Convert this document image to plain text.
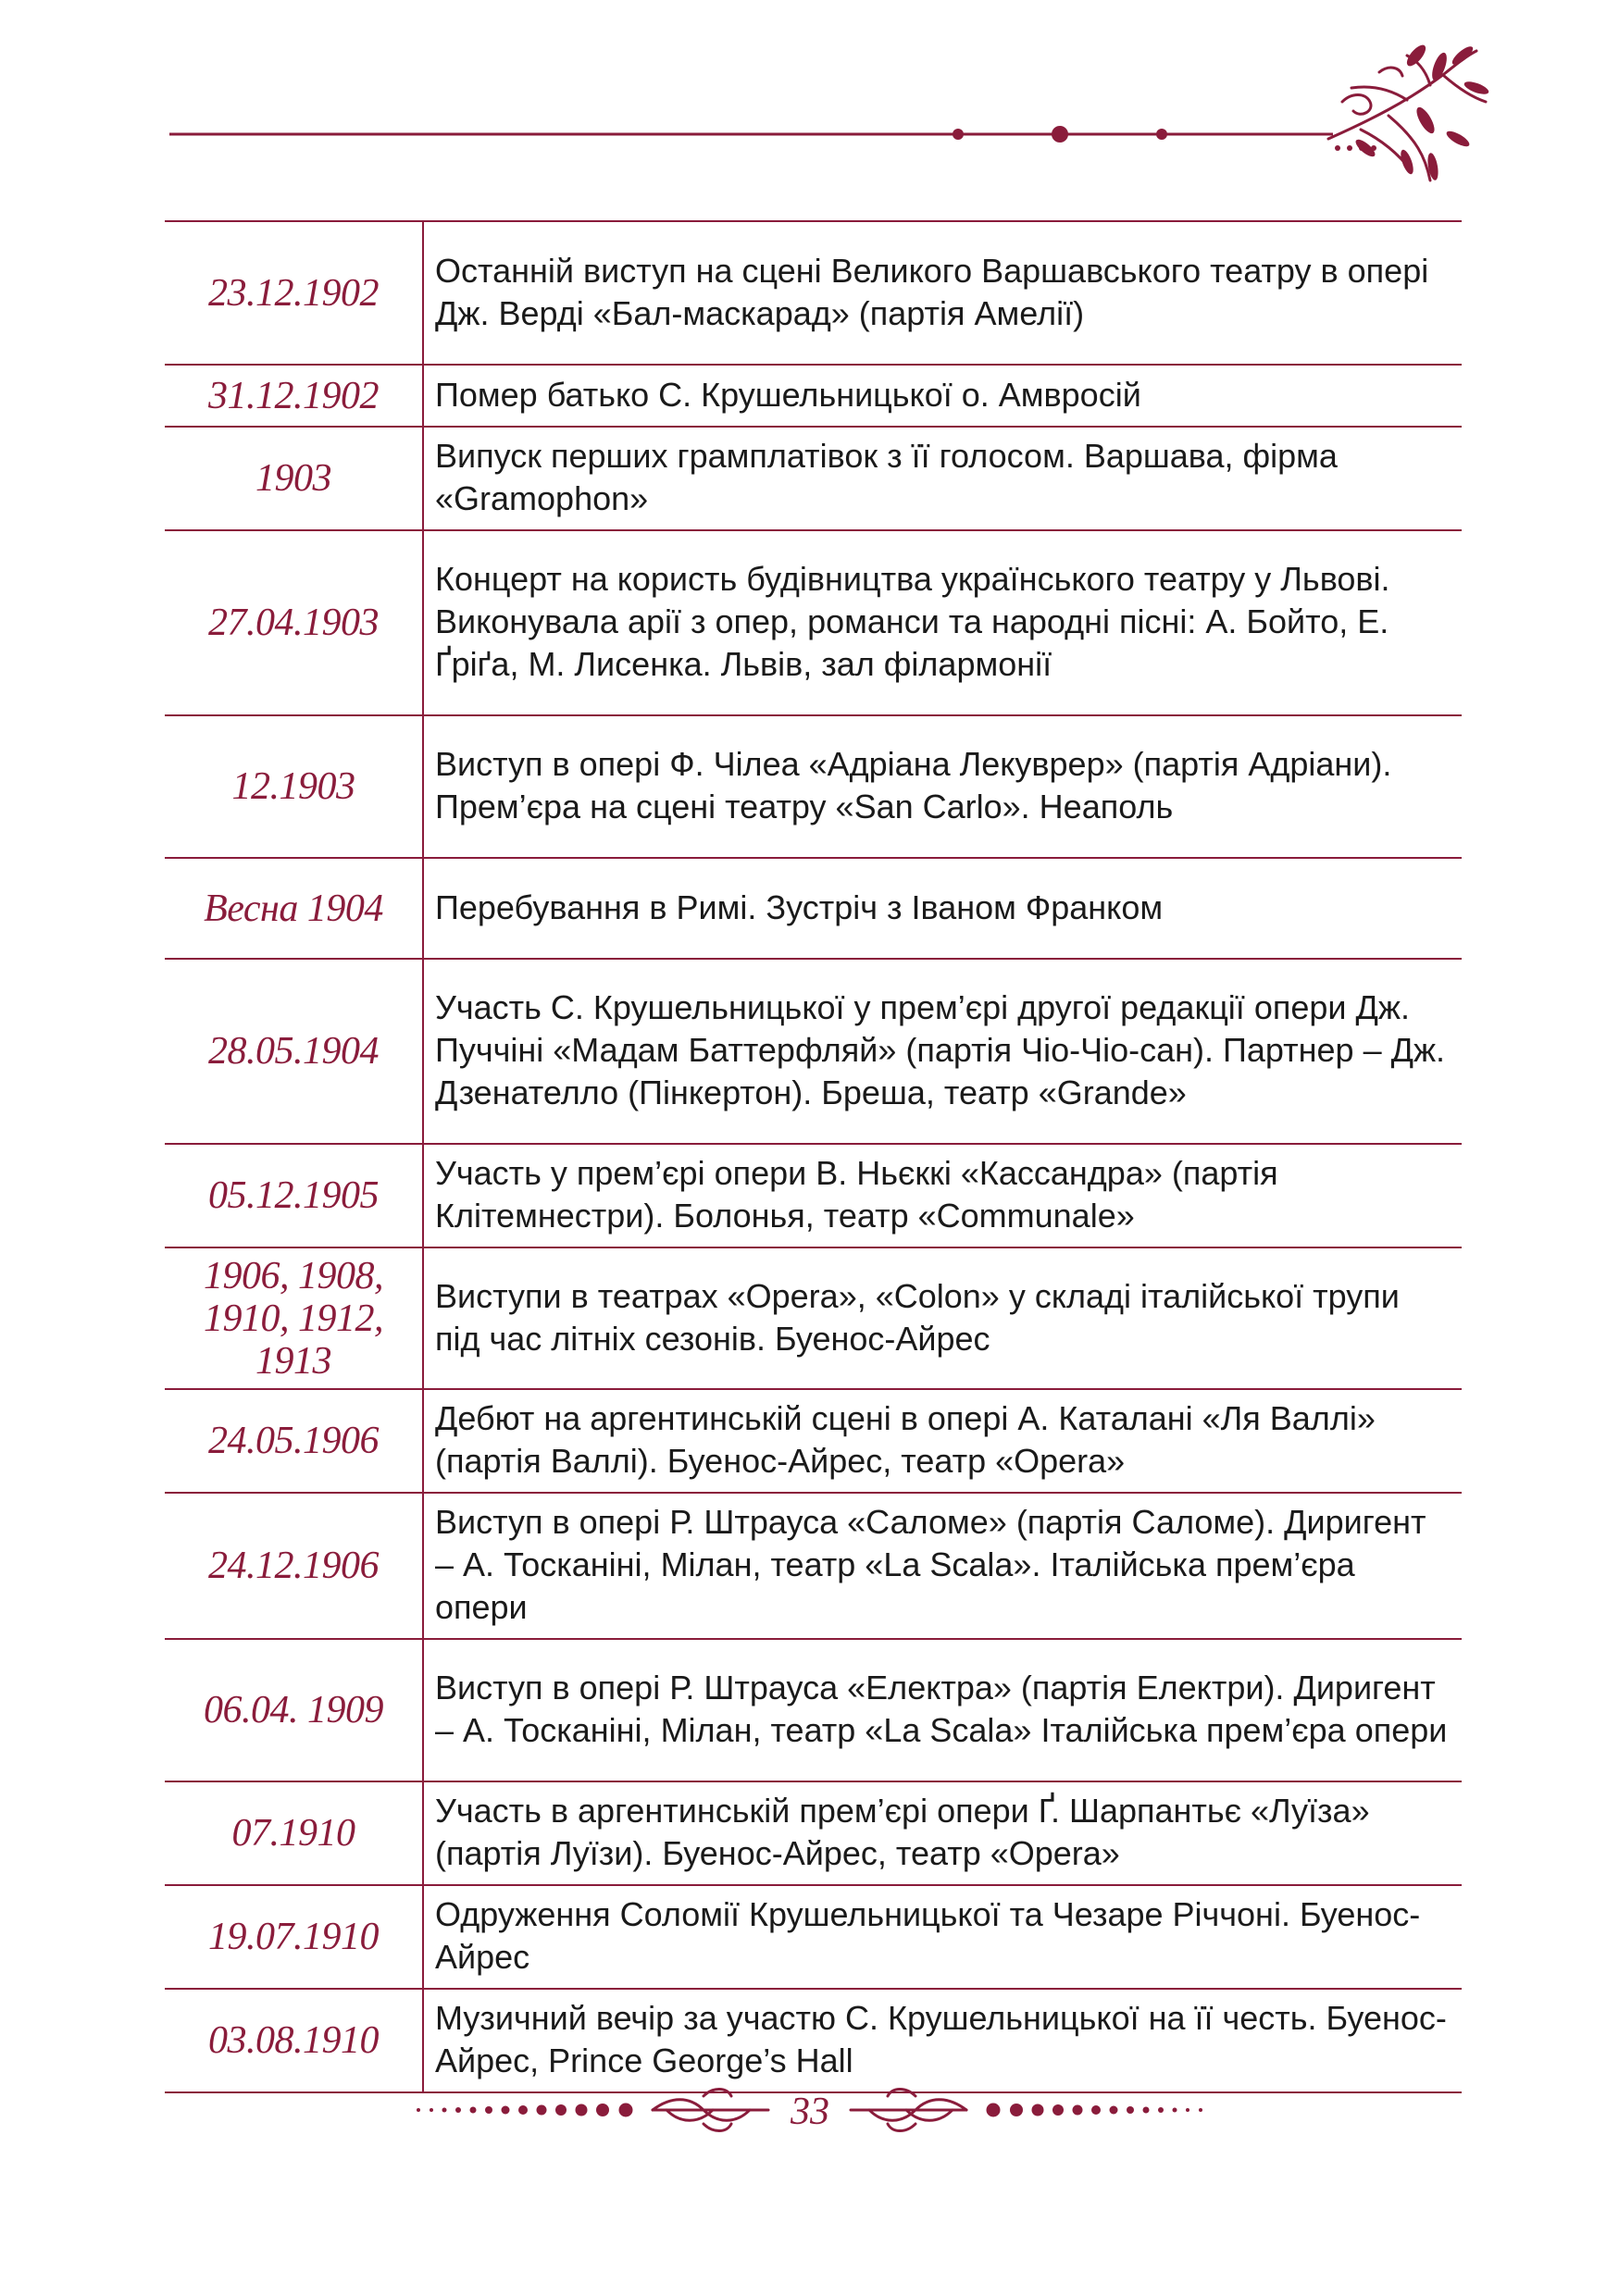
23.12.1902	Останній виступ на сцені Великого Варшавського театру в опері Дж. Верді «Бал-маскарад» (партія Амелії)
31.12.1902	Помер батько С. Крушельницької о. Амвросій
1903	Випуск перших грамплатівок з її голосом. Варшава, фірма «Gramophon»
27.04.1903	Концерт на користь будівництва українського театру у Львові. Виконувала арії з опер, романси та народні пісні: А. Бойто, Е. Ґріґа, М. Лисенка. Львів, зал філармонії
12.1903	Виступ в опері Ф. Чілеа «Адріана Лекуврер» (партія Адріани). Прем’єра на сцені театру «San Carlo». Неаполь
Весна 1904	Перебування в Римі. Зустріч з Іваном Франком
28.05.1904	Участь С. Крушельницької у прем’єрі другої редакції опери Дж. Пуччіні «Мадам Баттерфляй» (партія Чіо-Чіо-сан). Партнер – Дж. Дзенателло (Пінкертон). Бреша, театр «Grande»
05.12.1905	Участь у прем’єрі опери В. Ньєккі «Кассандра» (партія Клітемнестри). Болонья, театр «Communale»
1906, 1908, 1910, 1912, 1913	Виступи в театрах «Opera», «Colon» у складі італійської трупи під час літніх сезонів. Буенос-Айрес
24.05.1906	Дебют на аргентинській сцені в опері А. Каталані «Ля Валлі» (партія Валлі). Буенос-Айрес, театр «Opera»
24.12.1906	Виступ в опері Р. Штрауса «Саломе» (партія Саломе). Диригент – А. Тосканіні, Мілан, театр «La Scala». Італійська прем’єра опери
06.04. 1909	Виступ в опері Р. Штрауса «Електра» (партія Електри). Диригент – А. Тосканіні, Мілан, театр «La Scala» Італійська прем’єра опери
07.1910	Участь в аргентинській прем’єрі опери Ґ. Шарпантьє «Луїза» (партія Луїзи). Буенос-Айрес, театр «Opera»
19.07.1910	Одруження Соломії Крушельницької та Чезаре Річчоні. Буенос-Айрес
03.08.1910	Музичний вечір за участю С. Крушельницької на її честь. Буенос-Айрес, Prince George’s Hall
33
